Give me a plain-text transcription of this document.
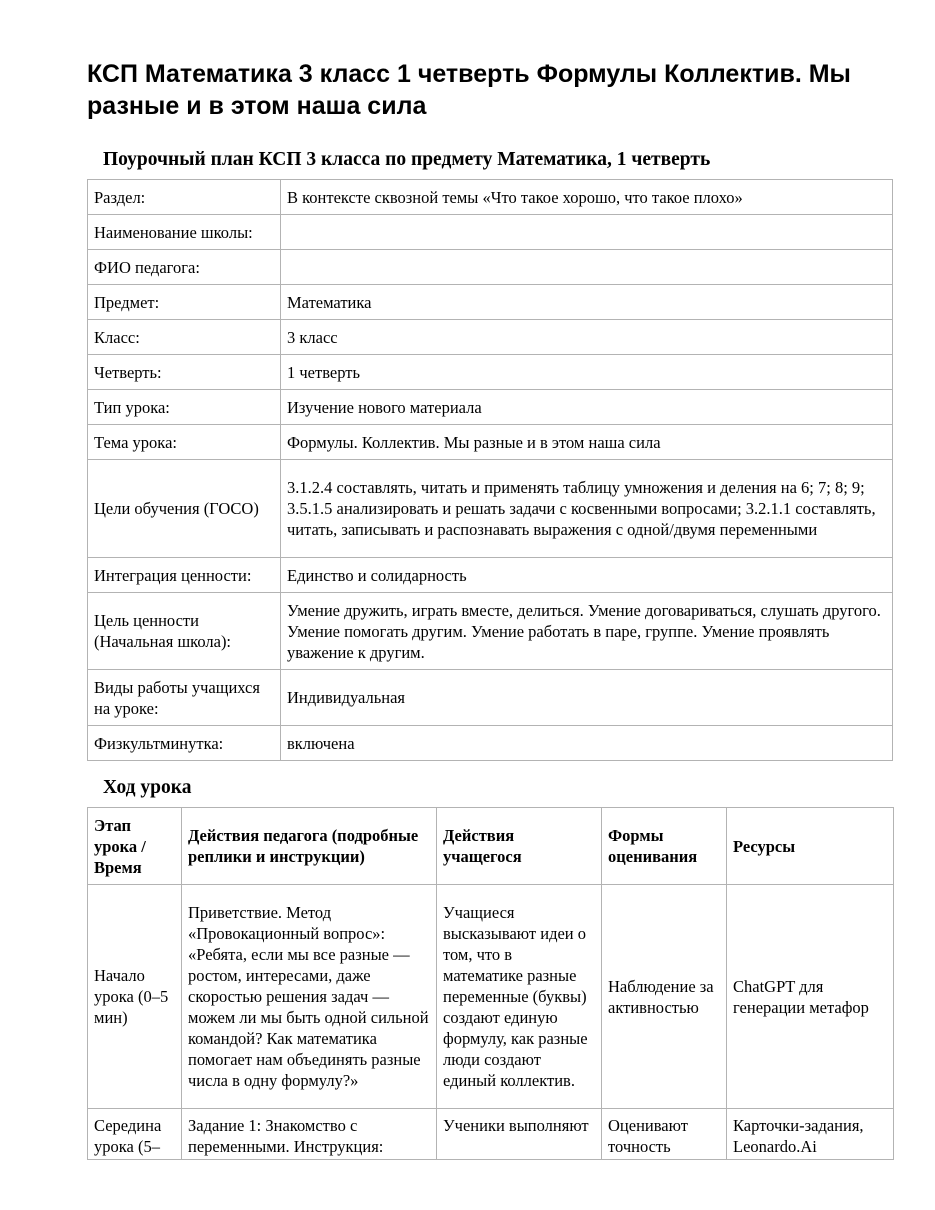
КСП Математика 3 класс 1 четверть Формулы Коллектив. Мы разные и в этом наша сила
Поурочный план КСП 3 класса по предмету Математика, 1 четверть
Раздел:	В контексте сквозной темы «Что такое хорошо, что такое плохо»
Наименование школы:	
ФИО педагога:	
Предмет:	Математика
Класс:	3 класс
Четверть:	1 четверть
Тип урока:	Изучение нового материала
Тема урока:	Формулы. Коллектив. Мы разные и в этом наша сила
Цели обучения (ГОСО)	3.1.2.4 составлять, читать и применять таблицу умножения и деления на 6; 7; 8; 9; 3.5.1.5 анализировать и решать задачи с косвенными вопросами; 3.2.1.1 составлять, читать, записывать и распознавать выражения с одной/двумя переменными
Интеграция ценности:	Единство и солидарность
Цель ценности (Начальная школа):	Умение дружить, играть вместе, делиться. Умение договариваться, слушать другого. Умение помогать другим. Умение работать в паре, группе. Умение проявлять уважение к другим.
Виды работы учащихся на уроке:	Индивидуальная
Физкультминутка:	включена
Ход урока
Этап урока / Время	Действия педагога (подробные реплики и инструкции)	Действия учащегося	Формы оценивания	Ресурсы
Начало урока (0–5 мин)	Приветствие. Метод «Провокационный вопрос»: «Ребята, если мы все разные — ростом, интересами, даже скоростью решения задач — можем ли мы быть одной сильной командой? Как математика помогает нам объединять разные числа в одну формулу?»	Учащиеся высказывают идеи о том, что в математике разные переменные (буквы) создают единую формулу, как разные люди создают единый коллектив.	Наблюдение за активностью	ChatGPT для генерации метафор

Середина урока (5–	Задание 1: Знакомство с переменными. Инструкция:	Ученики выполняют	Оценивают точность	Карточки-задания, Leonardo.Ai
